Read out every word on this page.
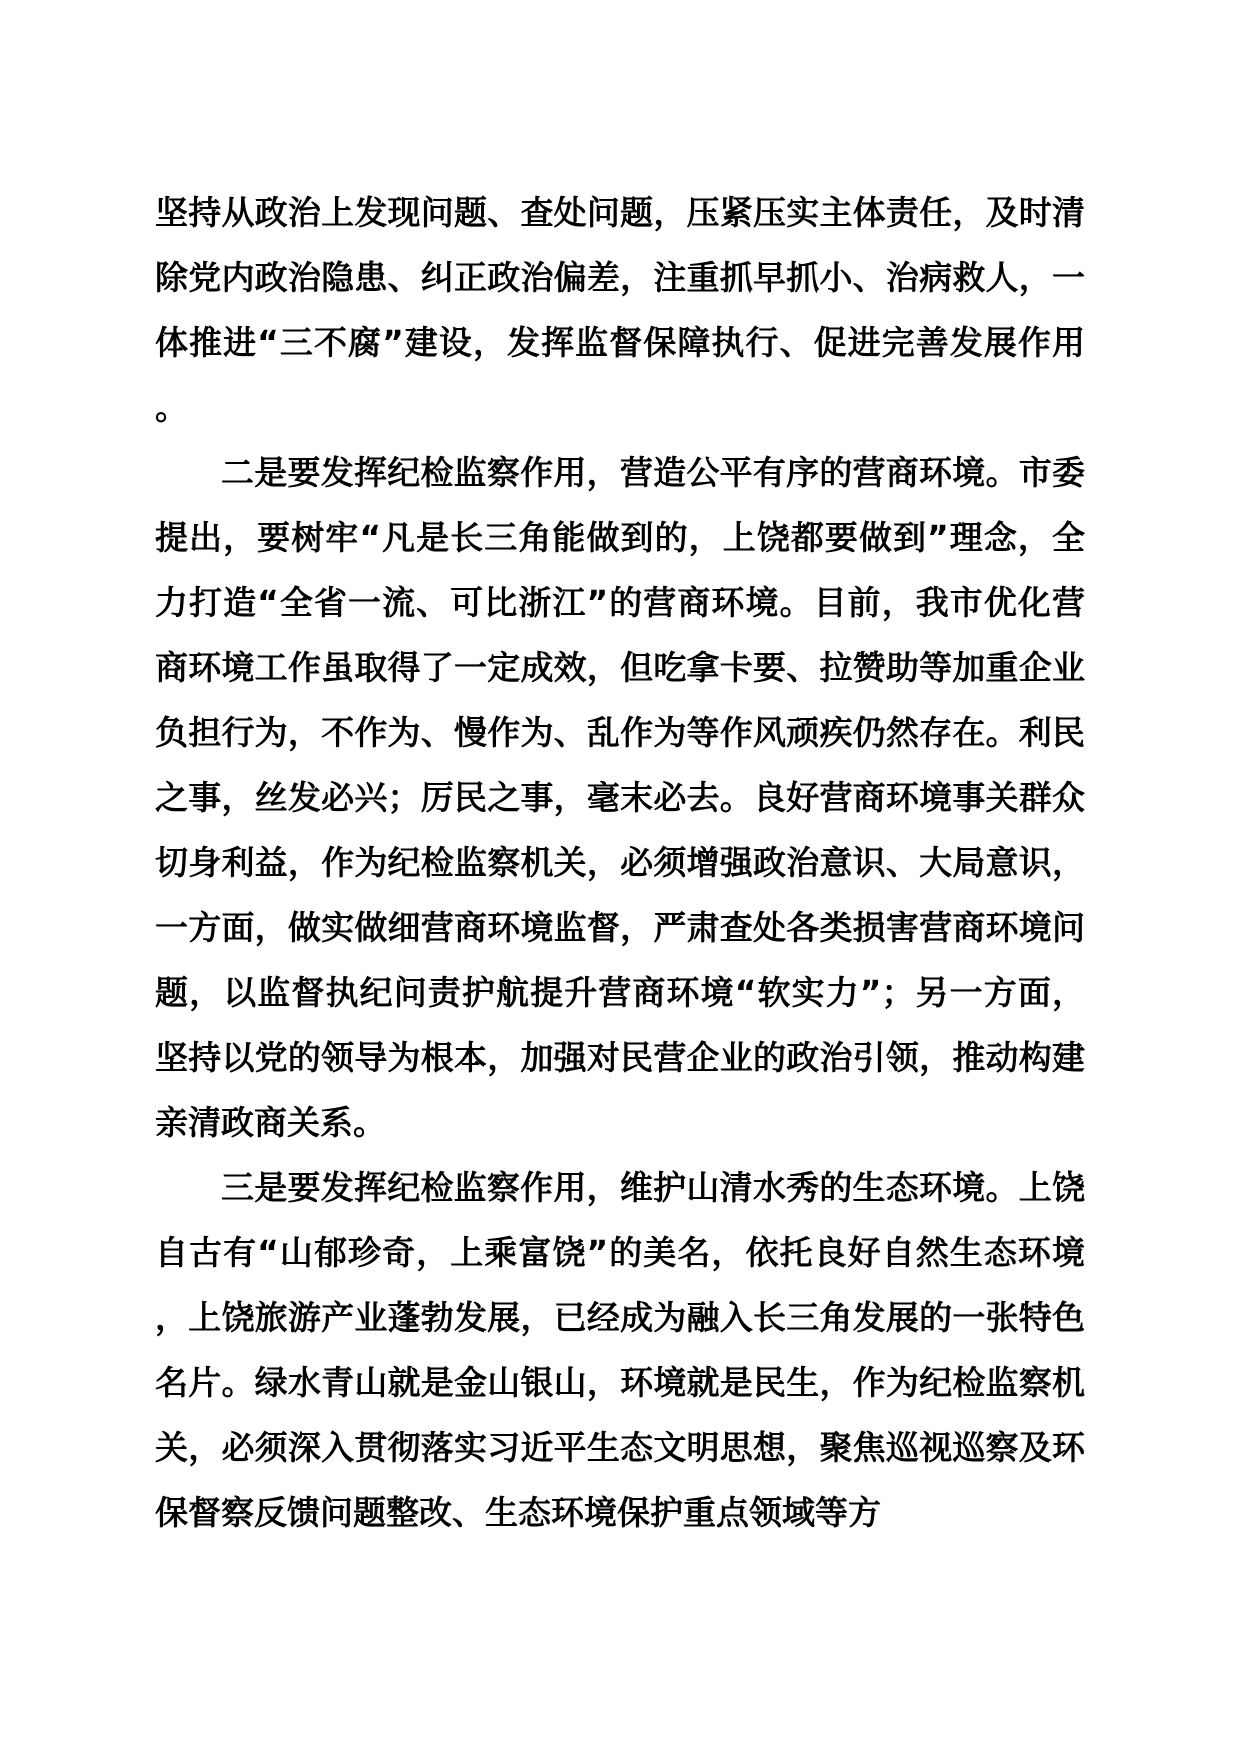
坚持从政治上发现问题、查处问题，压紧压实主体责任，及时清除党内政治隐患、纠正政治偏差，注重抓早抓小、治病救人，一体推进“三不腐”建设，发挥监督保障执行、促进完善发展作用。

二是要发挥纪检监察作用，营造公平有序的营商环境。市委提出，要树牢“凡是长三角能做到的，上饶都要做到”理念，全力打造“全省一流、可比浙江”的营商环境。目前，我市优化营商环境工作虽取得了一定成效，但吃拿卡要、拉赞助等加重企业负担行为，不作为、慢作为、乱作为等作风顽疾仍然存在。利民之事，丝发必兴；厉民之事，毫末必去。良好营商环境事关群众切身利益，作为纪检监察机关，必须增强政治意识、大局意识，一方面，做实做细营商环境监督，严肃查处各类损害营商环境问题，以监督执纪问责护航提升营商环境“软实力”；另一方面，坚持以党的领导为根本，加强对民营企业的政治引领，推动构建亲清政商关系。

三是要发挥纪检监察作用，维护山清水秀的生态环境。上饶自古有“山郁珍奇，上乘富饶”的美名，依托良好自然生态环境，上饶旅游产业蓬勃发展，已经成为融入长三角发展的一张特色名片。绿水青山就是金山银山，环境就是民生，作为纪检监察机关，必须深入贯彻落实习近平生态文明思想，聚焦巡视巡察及环保督察反馈问题整改、生态环境保护重点领域等方
